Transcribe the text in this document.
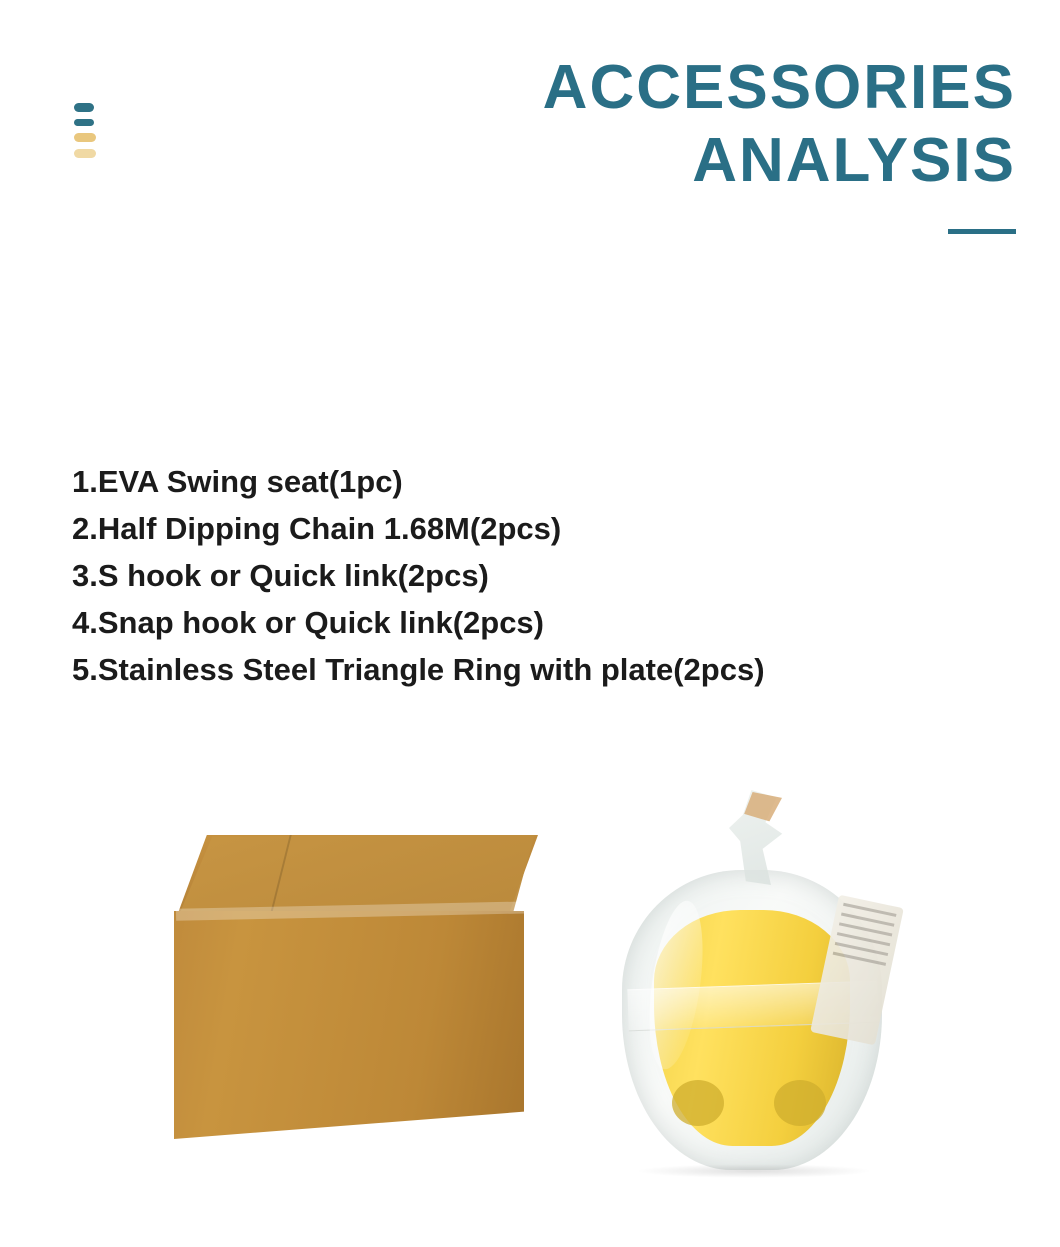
ACCESSORIES
ANALYSIS
1.EVA Swing seat(1pc)
2.Half Dipping Chain 1.68M(2pcs)
3.S hook or Quick link(2pcs)
4.Snap hook or Quick link(2pcs)
5.Stainless Steel Triangle Ring with plate(2pcs)
